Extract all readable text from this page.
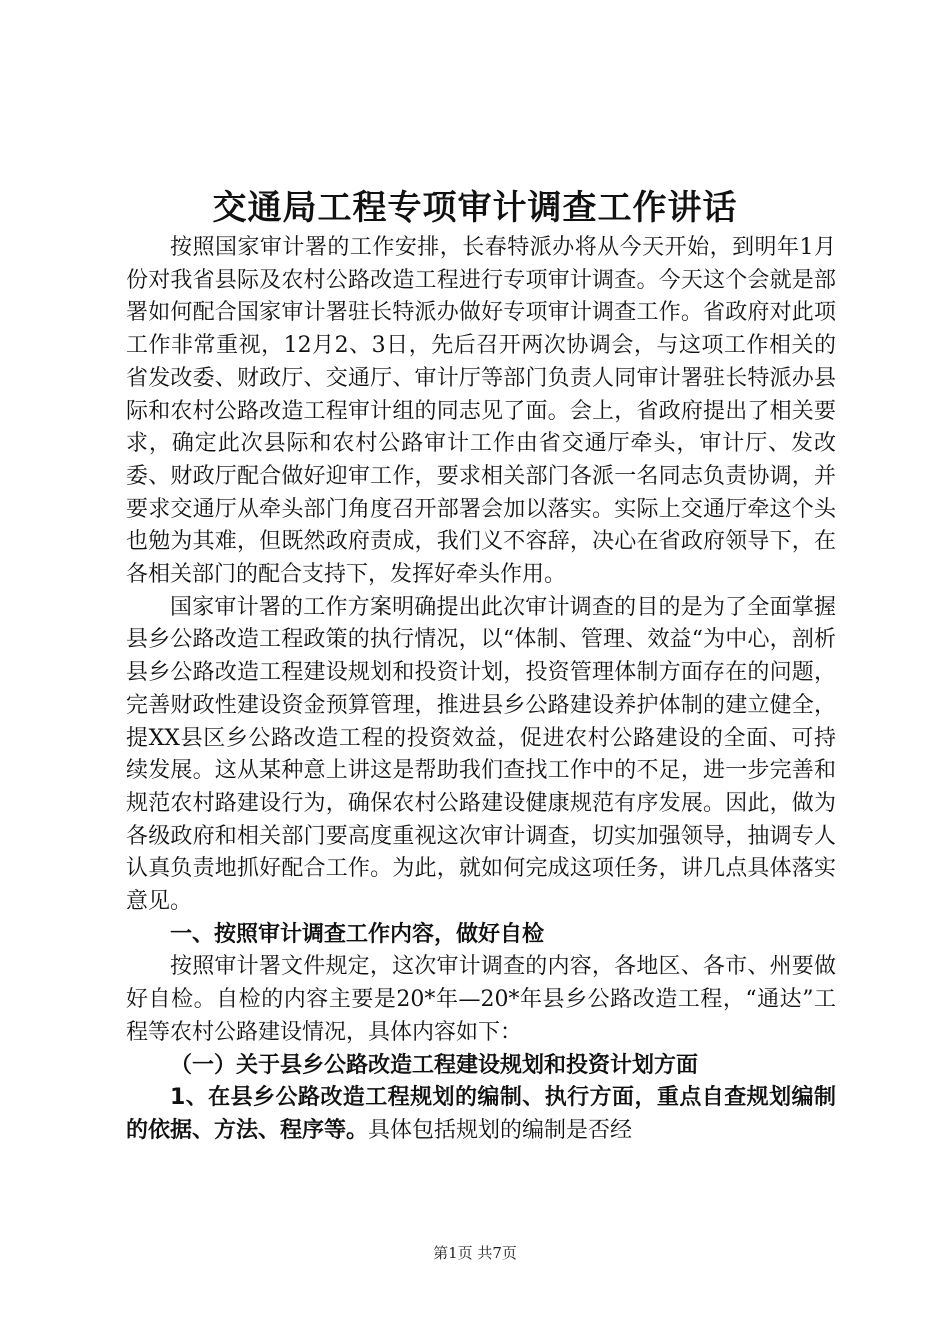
交通局工程专项审计调查工作讲话

按照国家审计署的工作安排，长春特派办将从今天开始，到明年1月份对我省县际及农村公路改造工程进行专项审计调查。今天这个会就是部署如何配合国家审计署驻长特派办做好专项审计调查工作。省政府对此项工作非常重视，12月2、3日，先后召开两次协调会，与这项工作相关的省发改委、财政厅、交通厅、审计厅等部门负责人同审计署驻长特派办县际和农村公路改造工程审计组的同志见了面。会上，省政府提出了相关要求，确定此次县际和农村公路审计工作由省交通厅牵头，审计厅、发改委、财政厅配合做好迎审工作，要求相关部门各派一名同志负责协调，并要求交通厅从牵头部门角度召开部署会加以落实。实际上交通厅牵这个头也勉为其难，但既然政府责成，我们义不容辞，决心在省政府领导下，在各相关部门的配合支持下，发挥好牵头作用。

国家审计署的工作方案明确提出此次审计调查的目的是为了全面掌握县乡公路改造工程政策的执行情况，以“体制、管理、效益“为中心，剖析县乡公路改造工程建设规划和投资计划，投资管理体制方面存在的问题，完善财政性建设资金预算管理，推进县乡公路建设养护体制的建立健全，提XX县区乡公路改造工程的投资效益，促进农村公路建设的全面、可持续发展。这从某种意上讲这是帮助我们查找工作中的不足，进一步完善和规范农村路建设行为，确保农村公路建设健康规范有序发展。因此，做为各级政府和相关部门要高度重视这次审计调查，切实加强领导，抽调专人认真负责地抓好配合工作。为此，就如何完成这项任务，讲几点具体落实意见。

一、按照审计调查工作内容，做好自检

按照审计署文件规定，这次审计调查的内容，各地区、各市、州要做好自检。自检的内容主要是20*年—20*年县乡公路改造工程，“通达”工程等农村公路建设情况，具体内容如下：

（一）关于县乡公路改造工程建设规划和投资计划方面

1、在县乡公路改造工程规划的编制、执行方面，重点自查规划编制的依据、方法、程序等。具体包括规划的编制是否经

第1页 共7页
